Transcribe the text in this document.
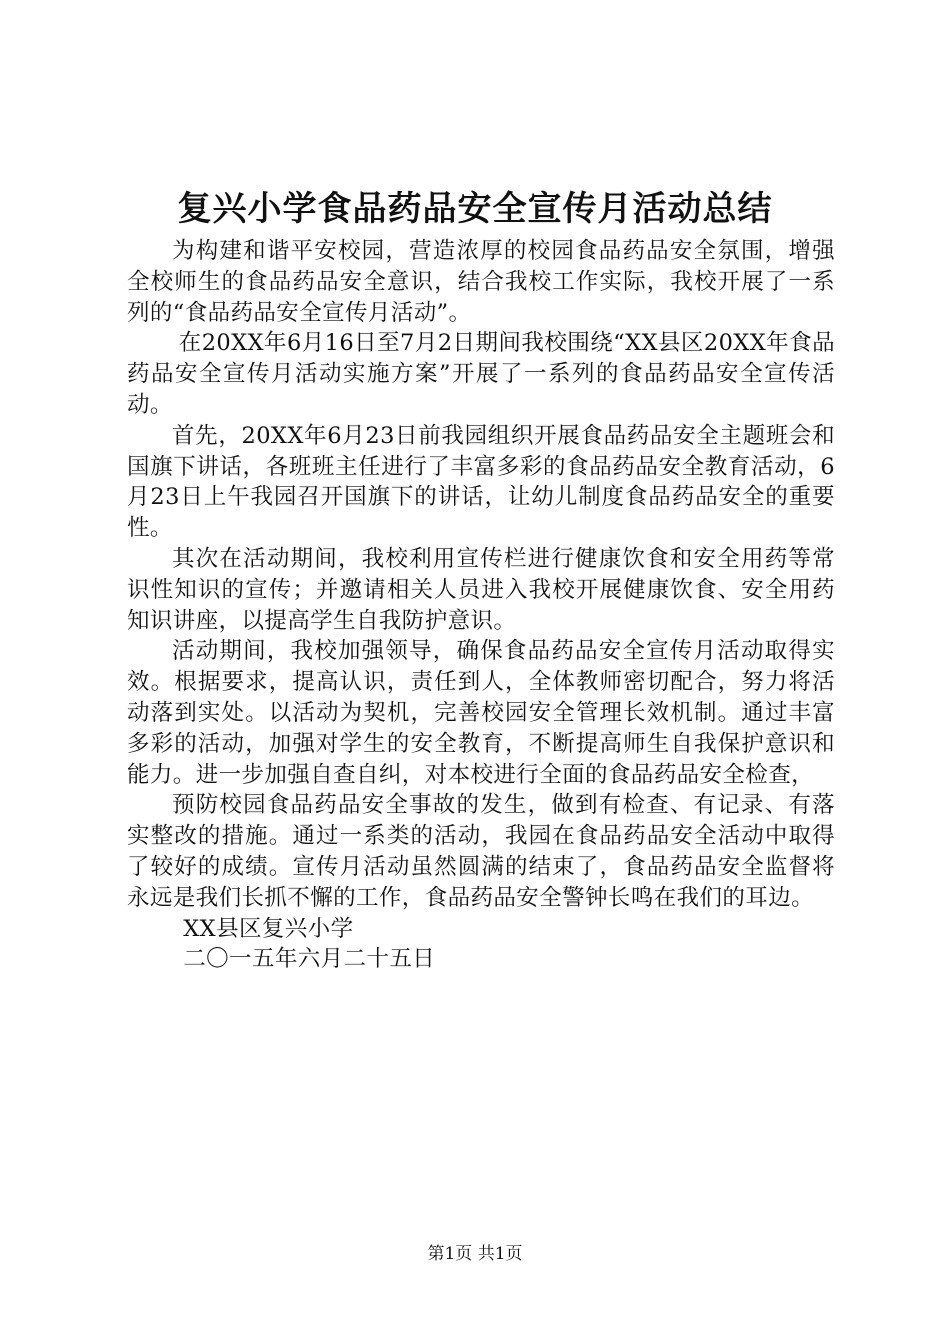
复兴小学食品药品安全宣传月活动总结

为构建和谐平安校园，营造浓厚的校园食品药品安全氛围，增强全校师生的食品药品安全意识，结合我校工作实际，我校开展了一系列的“食品药品安全宣传月活动”。

在20XX年6月16日至7月2日期间我校围绕“XX县区20XX年食品药品安全宣传月活动实施方案”开展了一系列的食品药品安全宣传活动。

首先，20XX年6月23日前我园组织开展食品药品安全主题班会和国旗下讲话，各班班主任进行了丰富多彩的食品药品安全教育活动，6月23日上午我园召开国旗下的讲话，让幼儿制度食品药品安全的重要性。

其次在活动期间，我校利用宣传栏进行健康饮食和安全用药等常识性知识的宣传；并邀请相关人员进入我校开展健康饮食、安全用药知识讲座，以提高学生自我防护意识。

活动期间，我校加强领导，确保食品药品安全宣传月活动取得实效。根据要求，提高认识，责任到人，全体教师密切配合，努力将活动落到实处。以活动为契机，完善校园安全管理长效机制。通过丰富多彩的活动，加强对学生的安全教育，不断提高师生自我保护意识和能力。进一步加强自查自纠，对本校进行全面的食品药品安全检查，

预防校园食品药品安全事故的发生，做到有检查、有记录、有落实整改的措施。通过一系类的活动，我园在食品药品安全活动中取得了较好的成绩。宣传月活动虽然圆满的结束了，食品药品安全监督将永远是我们长抓不懈的工作，食品药品安全警钟长鸣在我们的耳边。

XX县区复兴小学

二〇一五年六月二十五日

第1页 共1页
